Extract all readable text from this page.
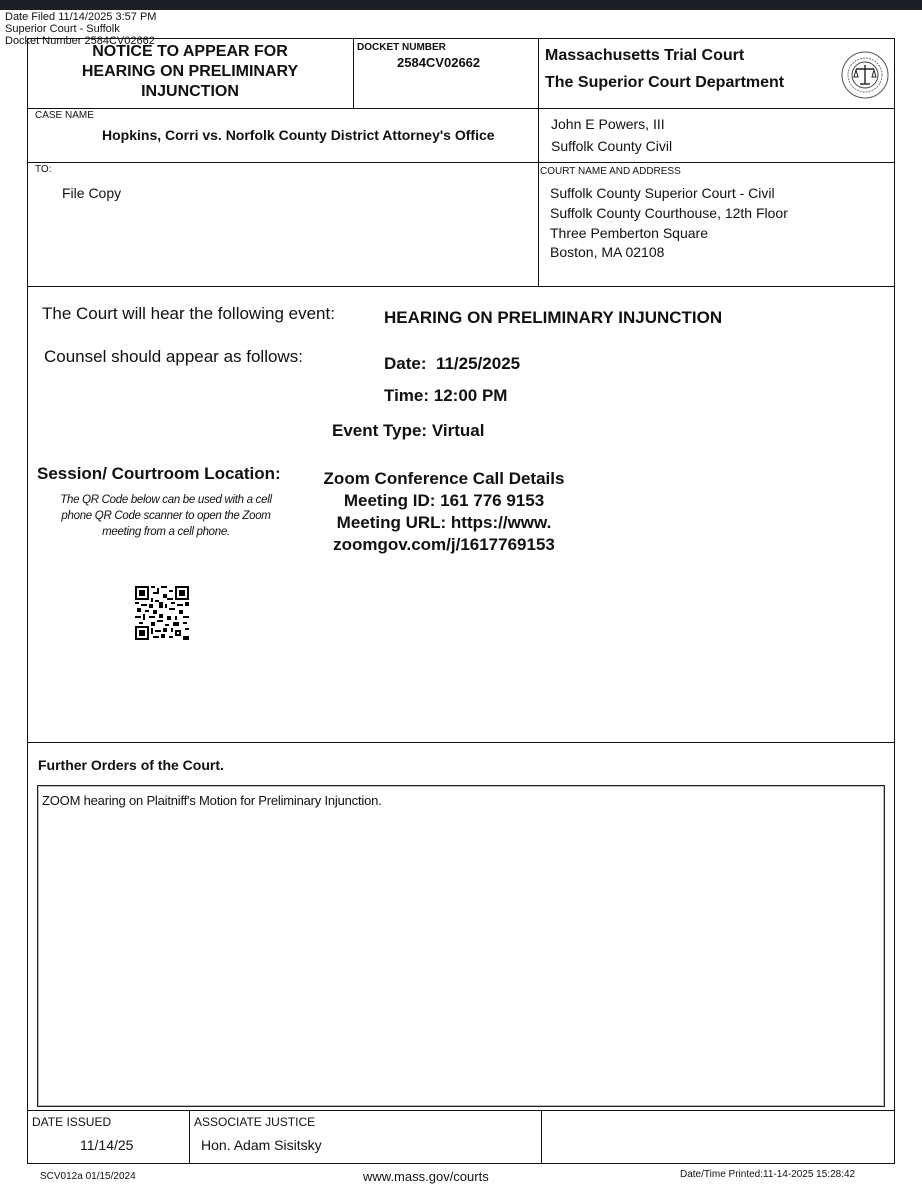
Date Filed 11/14/2025 3:57 PM
Superior Court - Suffolk
Docket Number 2584CV02662
NOTICE TO APPEAR FOR
HEARING ON PRELIMINARY
INJUNCTION
DOCKET NUMBER
2584CV02662	Massachusetts Trial Court
The Superior Court Department
CASE NAME
Hopkins, Corri vs. Norfolk County District Attorney's Office
John E Powers, III
Suffolk County Civil
TO:
File Copy
COURT NAME AND ADDRESS
Suffolk County Superior Court - Civil
Suffolk County Courthouse, 12th Floor
Three Pemberton Square
Boston, MA 02108
The Court will hear the following event:	HEARING ON PRELIMINARY INJUNCTION
Counsel should appear as follows:	Date:  11/25/2025
Time: 12:00 PM
Event Type: Virtual
Session/ Courtroom Location:
The QR Code below can be used with a cell
phone QR Code scanner to open the Zoom
meeting from a cell phone.
Zoom Conference Call Details
Meeting ID: 161 776 9153
Meeting URL: https://www.
zoomgov.com/j/1617769153
Further Orders of the Court.
ZOOM hearing on Plaitniff's Motion for Preliminary Injunction.
DATE ISSUED
11/14/25
ASSOCIATE JUSTICE
Hon. Adam Sisitsky
SCV012a 01/15/2024	www.mass.gov/courts	Date/Time Printed:11-14-2025 15:28:42
